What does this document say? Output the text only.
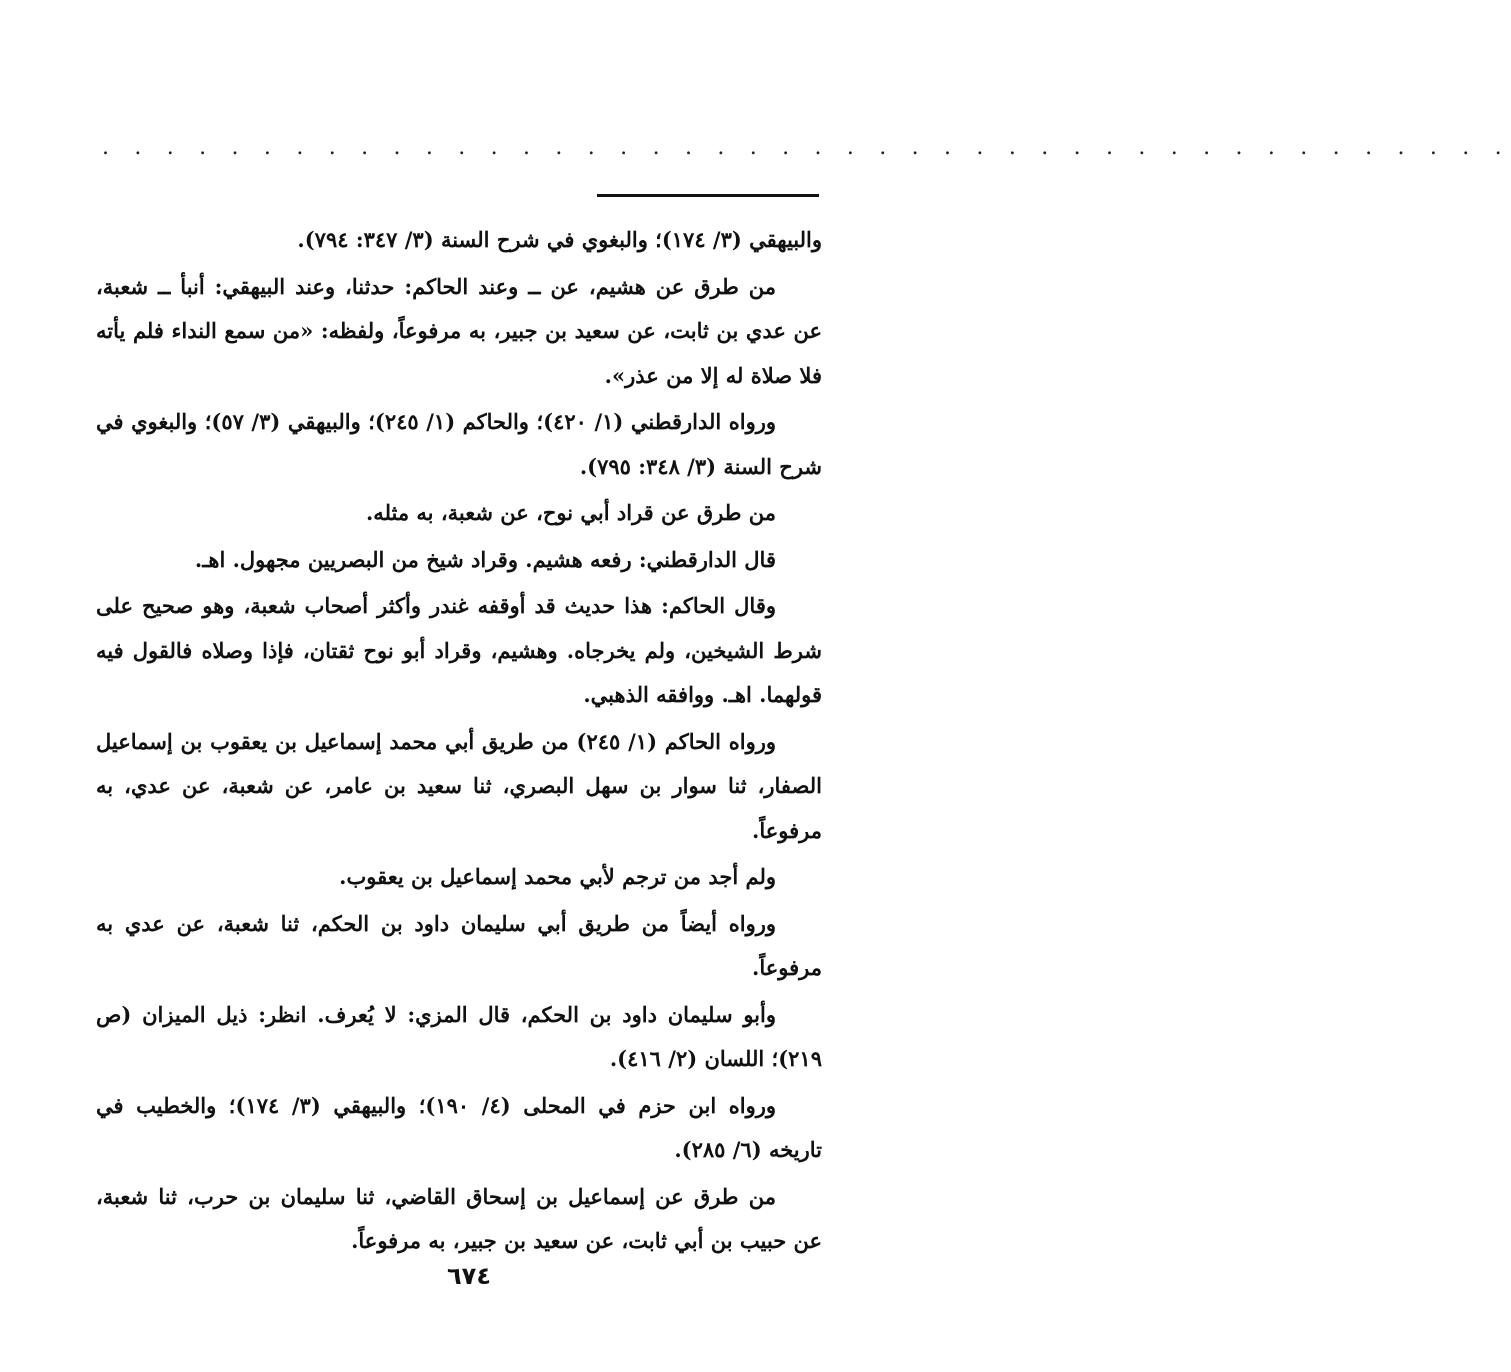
. . . . . . . . . . . . . . . . . . . . . . . . . . . . . . . . . . . . . . . . . . . .

والبيهقي (٣/ ١٧٤)؛ والبغوي في شرح السنة (٣/ ٣٤٧: ٧٩٤).

من طرق عن هشيم، عن ــ وعند الحاكم: حدثنا، وعند البيهقي: أنبأ ــ شعبة، عن عدي بن ثابت، عن سعيد بن جبير، به مرفوعاً، ولفظه: «من سمع النداء فلم يأته فلا صلاة له إلا من عذر».

ورواه الدارقطني (١/ ٤٢٠)؛ والحاكم (١/ ٢٤٥)؛ والبيهقي (٣/ ٥٧)؛ والبغوي في شرح السنة (٣/ ٣٤٨: ٧٩٥).

من طرق عن قراد أبي نوح، عن شعبة، به مثله.

قال الدارقطني: رفعه هشيم. وقراد شيخ من البصريين مجهول. اهـ.

وقال الحاكم: هذا حديث قد أوقفه غندر وأكثر أصحاب شعبة، وهو صحيح على شرط الشيخين، ولم يخرجاه. وهشيم، وقراد أبو نوح ثقتان، فإذا وصلاه فالقول فيه قولهما. اهـ. ووافقه الذهبي.

ورواه الحاكم (١/ ٢٤٥) من طريق أبي محمد إسماعيل بن يعقوب بن إسماعيل الصفار، ثنا سوار بن سهل البصري، ثنا سعيد بن عامر، عن شعبة، عن عدي، به مرفوعاً.

ولم أجد من ترجم لأبي محمد إسماعيل بن يعقوب.

ورواه أيضاً من طريق أبي سليمان داود بن الحكم، ثنا شعبة، عن عدي به مرفوعاً.

وأبو سليمان داود بن الحكم، قال المزي: لا يُعرف. انظر: ذيل الميزان (ص ٢١٩)؛ اللسان (٢/ ٤١٦).

ورواه ابن حزم في المحلى (٤/ ١٩٠)؛ والبيهقي (٣/ ١٧٤)؛ والخطيب في تاريخه (٦/ ٢٨٥).

من طرق عن إسماعيل بن إسحاق القاضي، ثنا سليمان بن حرب، ثنا شعبة، عن حبيب بن أبي ثابت، عن سعيد بن جبير، به مرفوعاً.

٦٧٤
